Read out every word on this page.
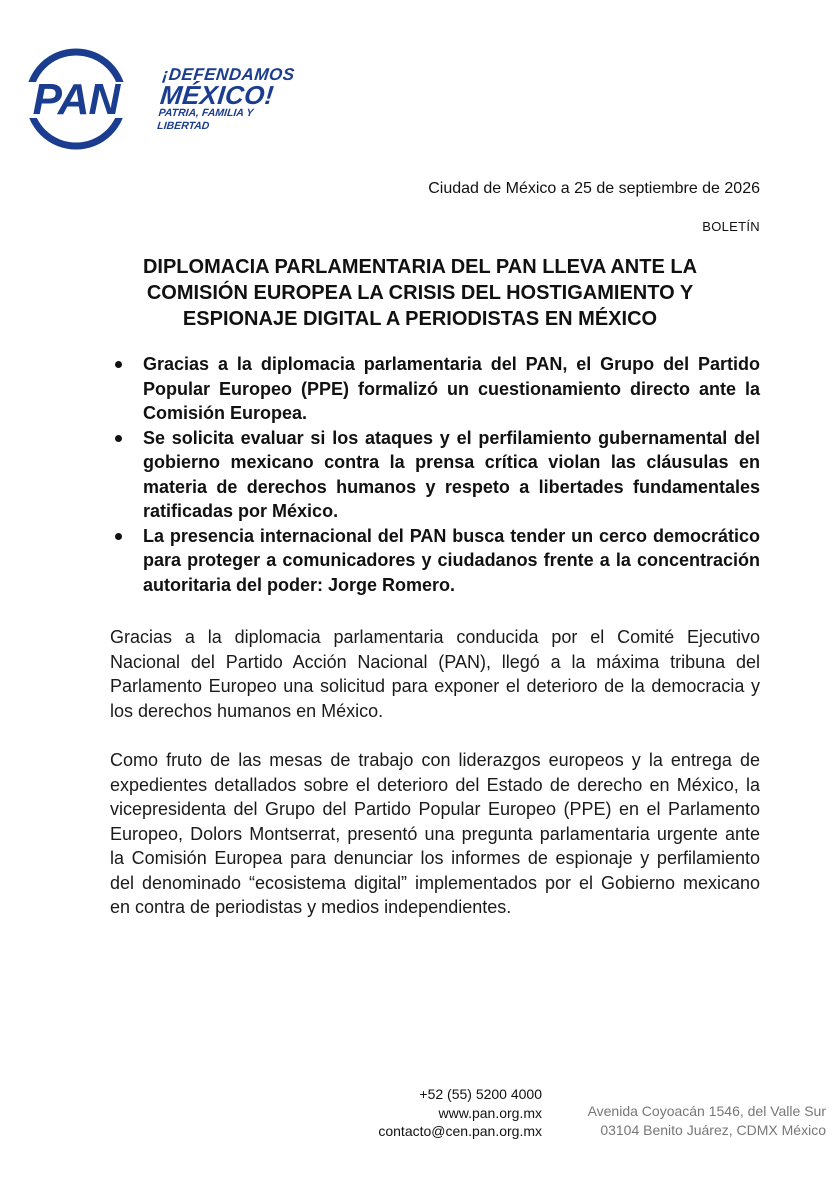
PAN
¡DEFENDAMOS
MÉXICO!
PATRIA, FAMILIA Y LIBERTAD
Ciudad de México a 25 de septiembre de 2026
BOLETÍN
DIPLOMACIA PARLAMENTARIA DEL PAN LLEVA ANTE LA COMISIÓN EUROPEA LA CRISIS DEL HOSTIGAMIENTO Y ESPIONAJE DIGITAL A PERIODISTAS EN MÉXICO
Gracias a la diplomacia parlamentaria del PAN, el Grupo del Partido Popular Europeo (PPE) formalizó un cuestionamiento directo ante la Comisión Europea.
Se solicita evaluar si los ataques y el perfilamiento gubernamental del gobierno mexicano contra la prensa crítica violan las cláusulas en materia de derechos humanos y respeto a libertades fundamentales ratificadas por México.
La presencia internacional del PAN busca tender un cerco democrático para proteger a comunicadores y ciudadanos frente a la concentración autoritaria del poder: Jorge Romero.

Gracias a la diplomacia parlamentaria conducida por el Comité Ejecutivo Nacional del Partido Acción Nacional (PAN), llegó a la máxima tribuna del Parlamento Europeo una solicitud para exponer el deterioro de la democracia y los derechos humanos en México.

Como fruto de las mesas de trabajo con liderazgos europeos y la entrega de expedientes detallados sobre el deterioro del Estado de derecho en México, la vicepresidenta del Grupo del Partido Popular Europeo (PPE) en el Parlamento Europeo, Dolors Montserrat, presentó una pregunta parlamentaria urgente ante la Comisión Europea para denunciar los informes de espionaje y perfilamiento del denominado “ecosistema digital” implementados por el Gobierno mexicano en contra de periodistas y medios independientes.

+52 (55) 5200 4000
www.pan.org.mx
contacto@cen.pan.org.mx
Avenida Coyoacán 1546, del Valle Sur
03104 Benito Juárez, CDMX México
